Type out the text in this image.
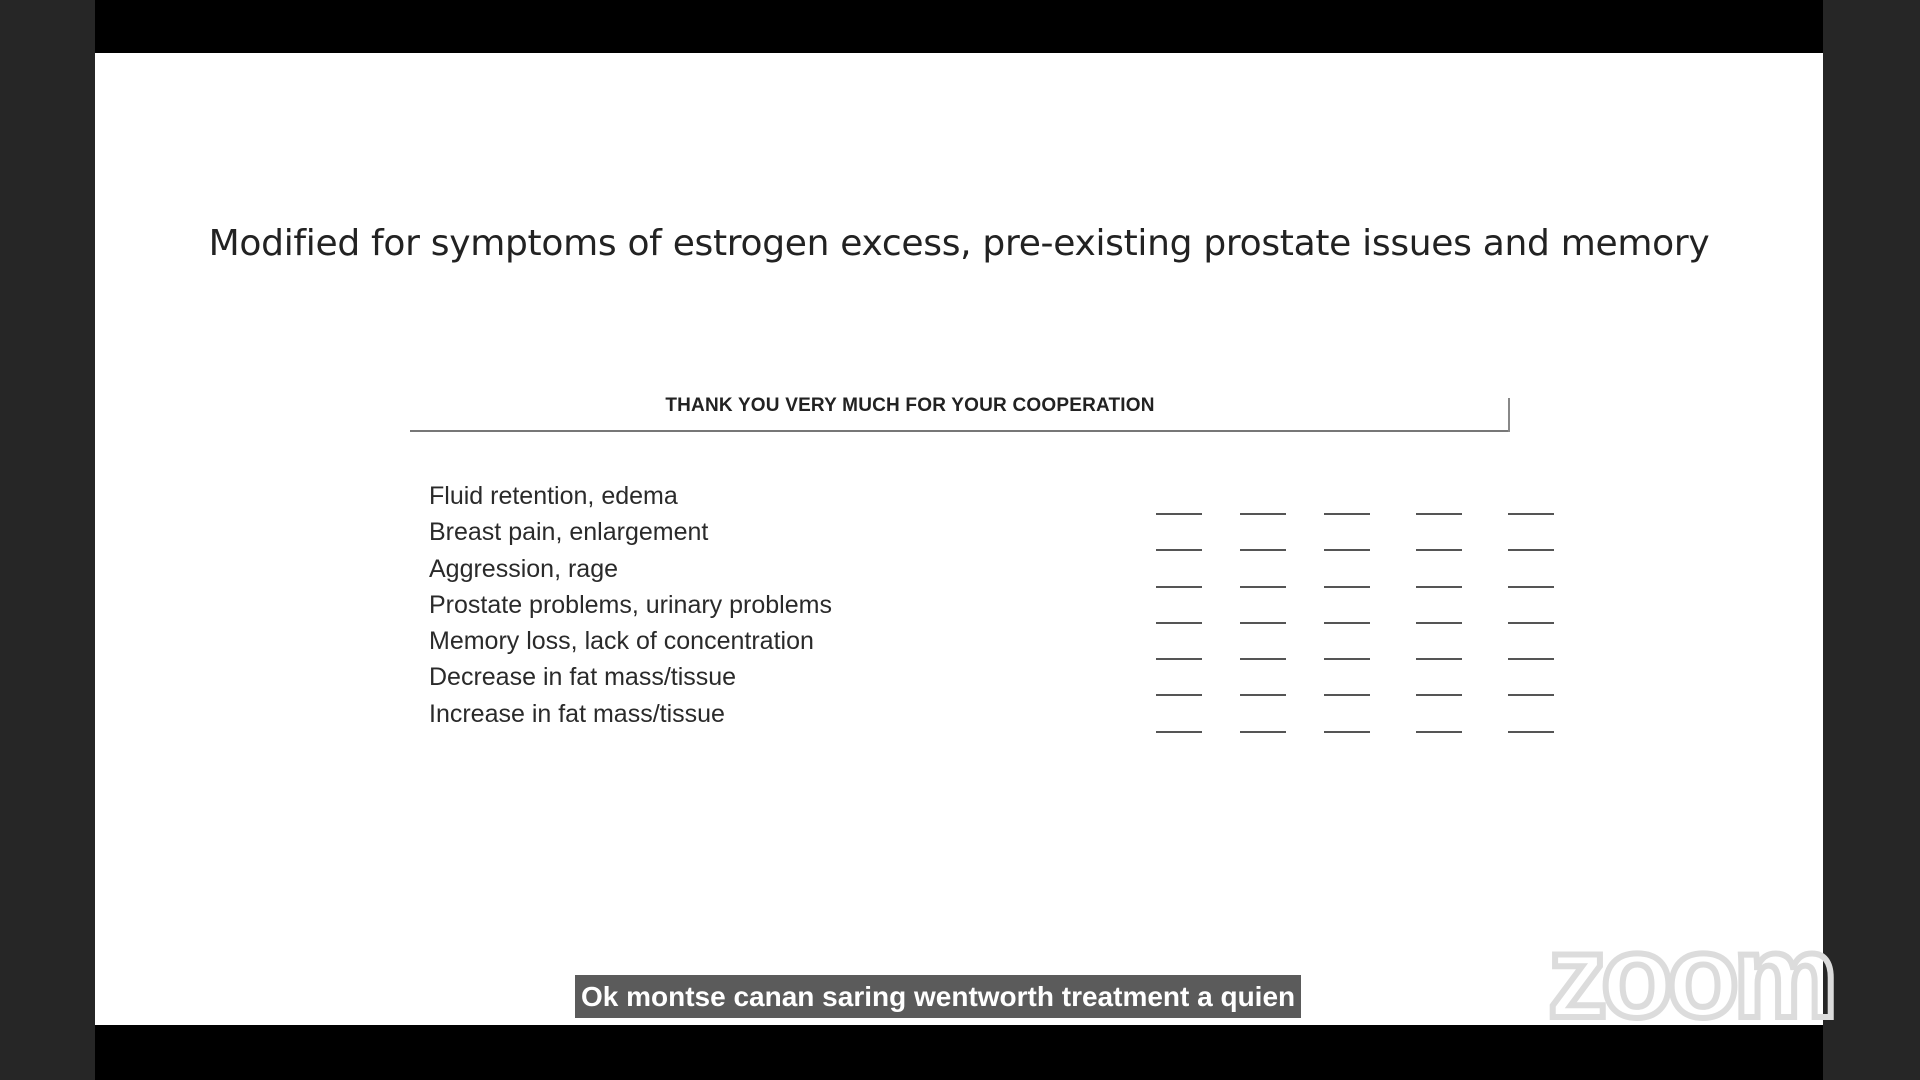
Modified for symptoms of estrogen excess, pre-existing prostate issues and memory
THANK YOU VERY MUCH FOR YOUR COOPERATION
Fluid retention, edema
Breast pain, enlargement
Aggression, rage
Prostate problems, urinary problems
Memory loss, lack of concentration
Decrease in fat mass/tissue
Increase in fat mass/tissue
Ok montse canan saring wentworth treatment a quien zoom
